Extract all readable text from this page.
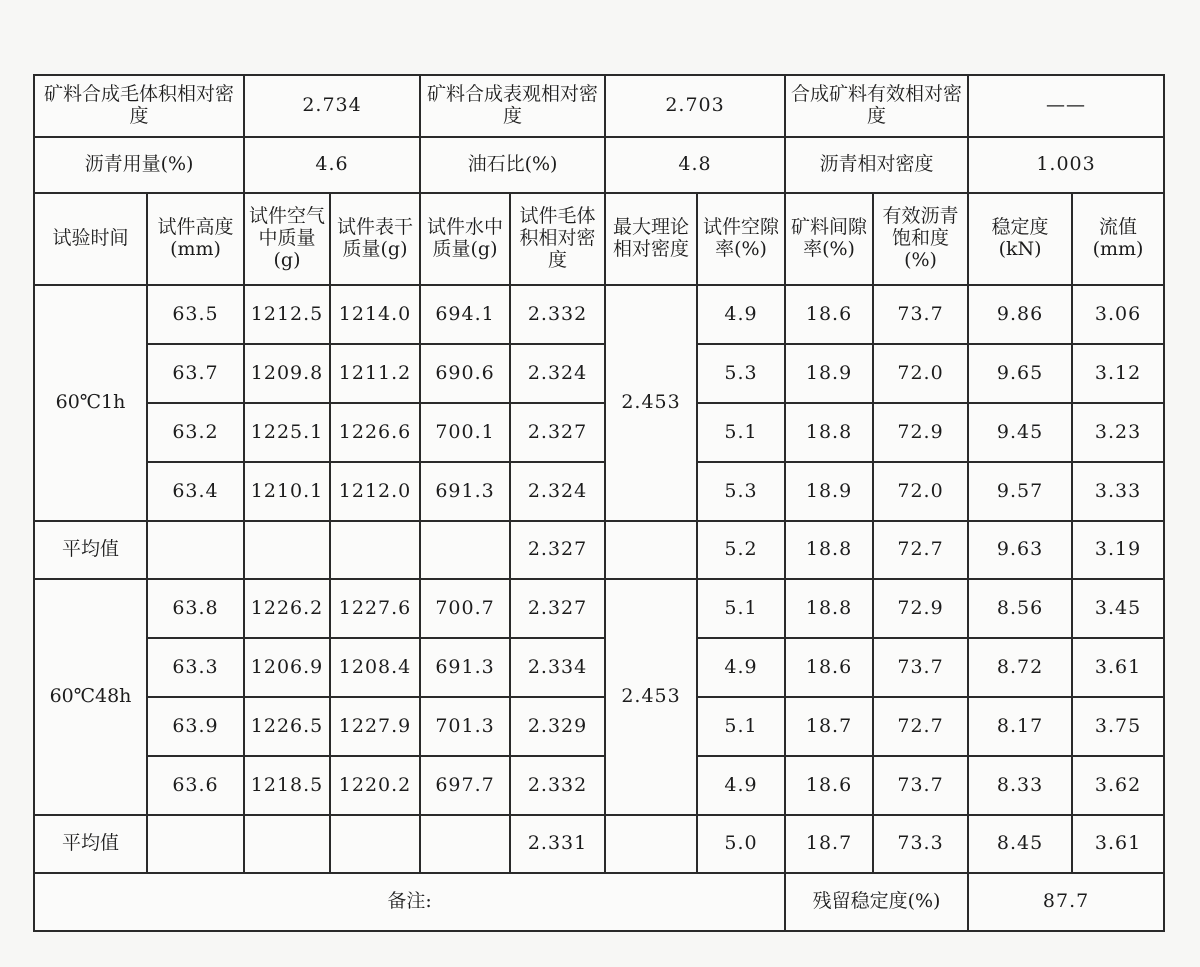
矿料合成毛体积相对密度		2.734		矿料合成表观相对密度		2.703		合成矿料有效相对密度		——	
沥青用量(%)		4.6		油石比(%)		4.8		沥青相对密度		1.003	
试验时间	试件高度(mm)	试件空气中质量(g)	试件表干质量(g)	试件水中质量(g)	试件毛体积相对密度	最大理论相对密度	试件空隙率(%)	矿料间隙率(%)	有效沥青饱和度(%)	稳定度(kN)	流值(mm)
60℃1h	63.5	1212.5	1214.0	694.1	2.332	2.453	4.9	18.6	73.7	9.86	3.06
	63.7	1209.8	1211.2	690.6	2.324		5.3	18.9	72.0	9.65	3.12
	63.2	1225.1	1226.6	700.1	2.327		5.1	18.8	72.9	9.45	3.23
	63.4	1210.1	1212.0	691.3	2.324		5.3	18.9	72.0	9.57	3.33
平均值					2.327		5.2	18.8	72.7	9.63	3.19
60℃48h	63.8	1226.2	1227.6	700.7	2.327	2.453	5.1	18.8	72.9	8.56	3.45
	63.3	1206.9	1208.4	691.3	2.334		4.9	18.6	73.7	8.72	3.61
	63.9	1226.5	1227.9	701.3	2.329		5.1	18.7	72.7	8.17	3.75
	63.6	1218.5	1220.2	697.7	2.332		4.9	18.6	73.7	8.33	3.62
平均值					2.331		5.0	18.7	73.3	8.45	3.61
备注:								残留稳定度(%)		87.7	
